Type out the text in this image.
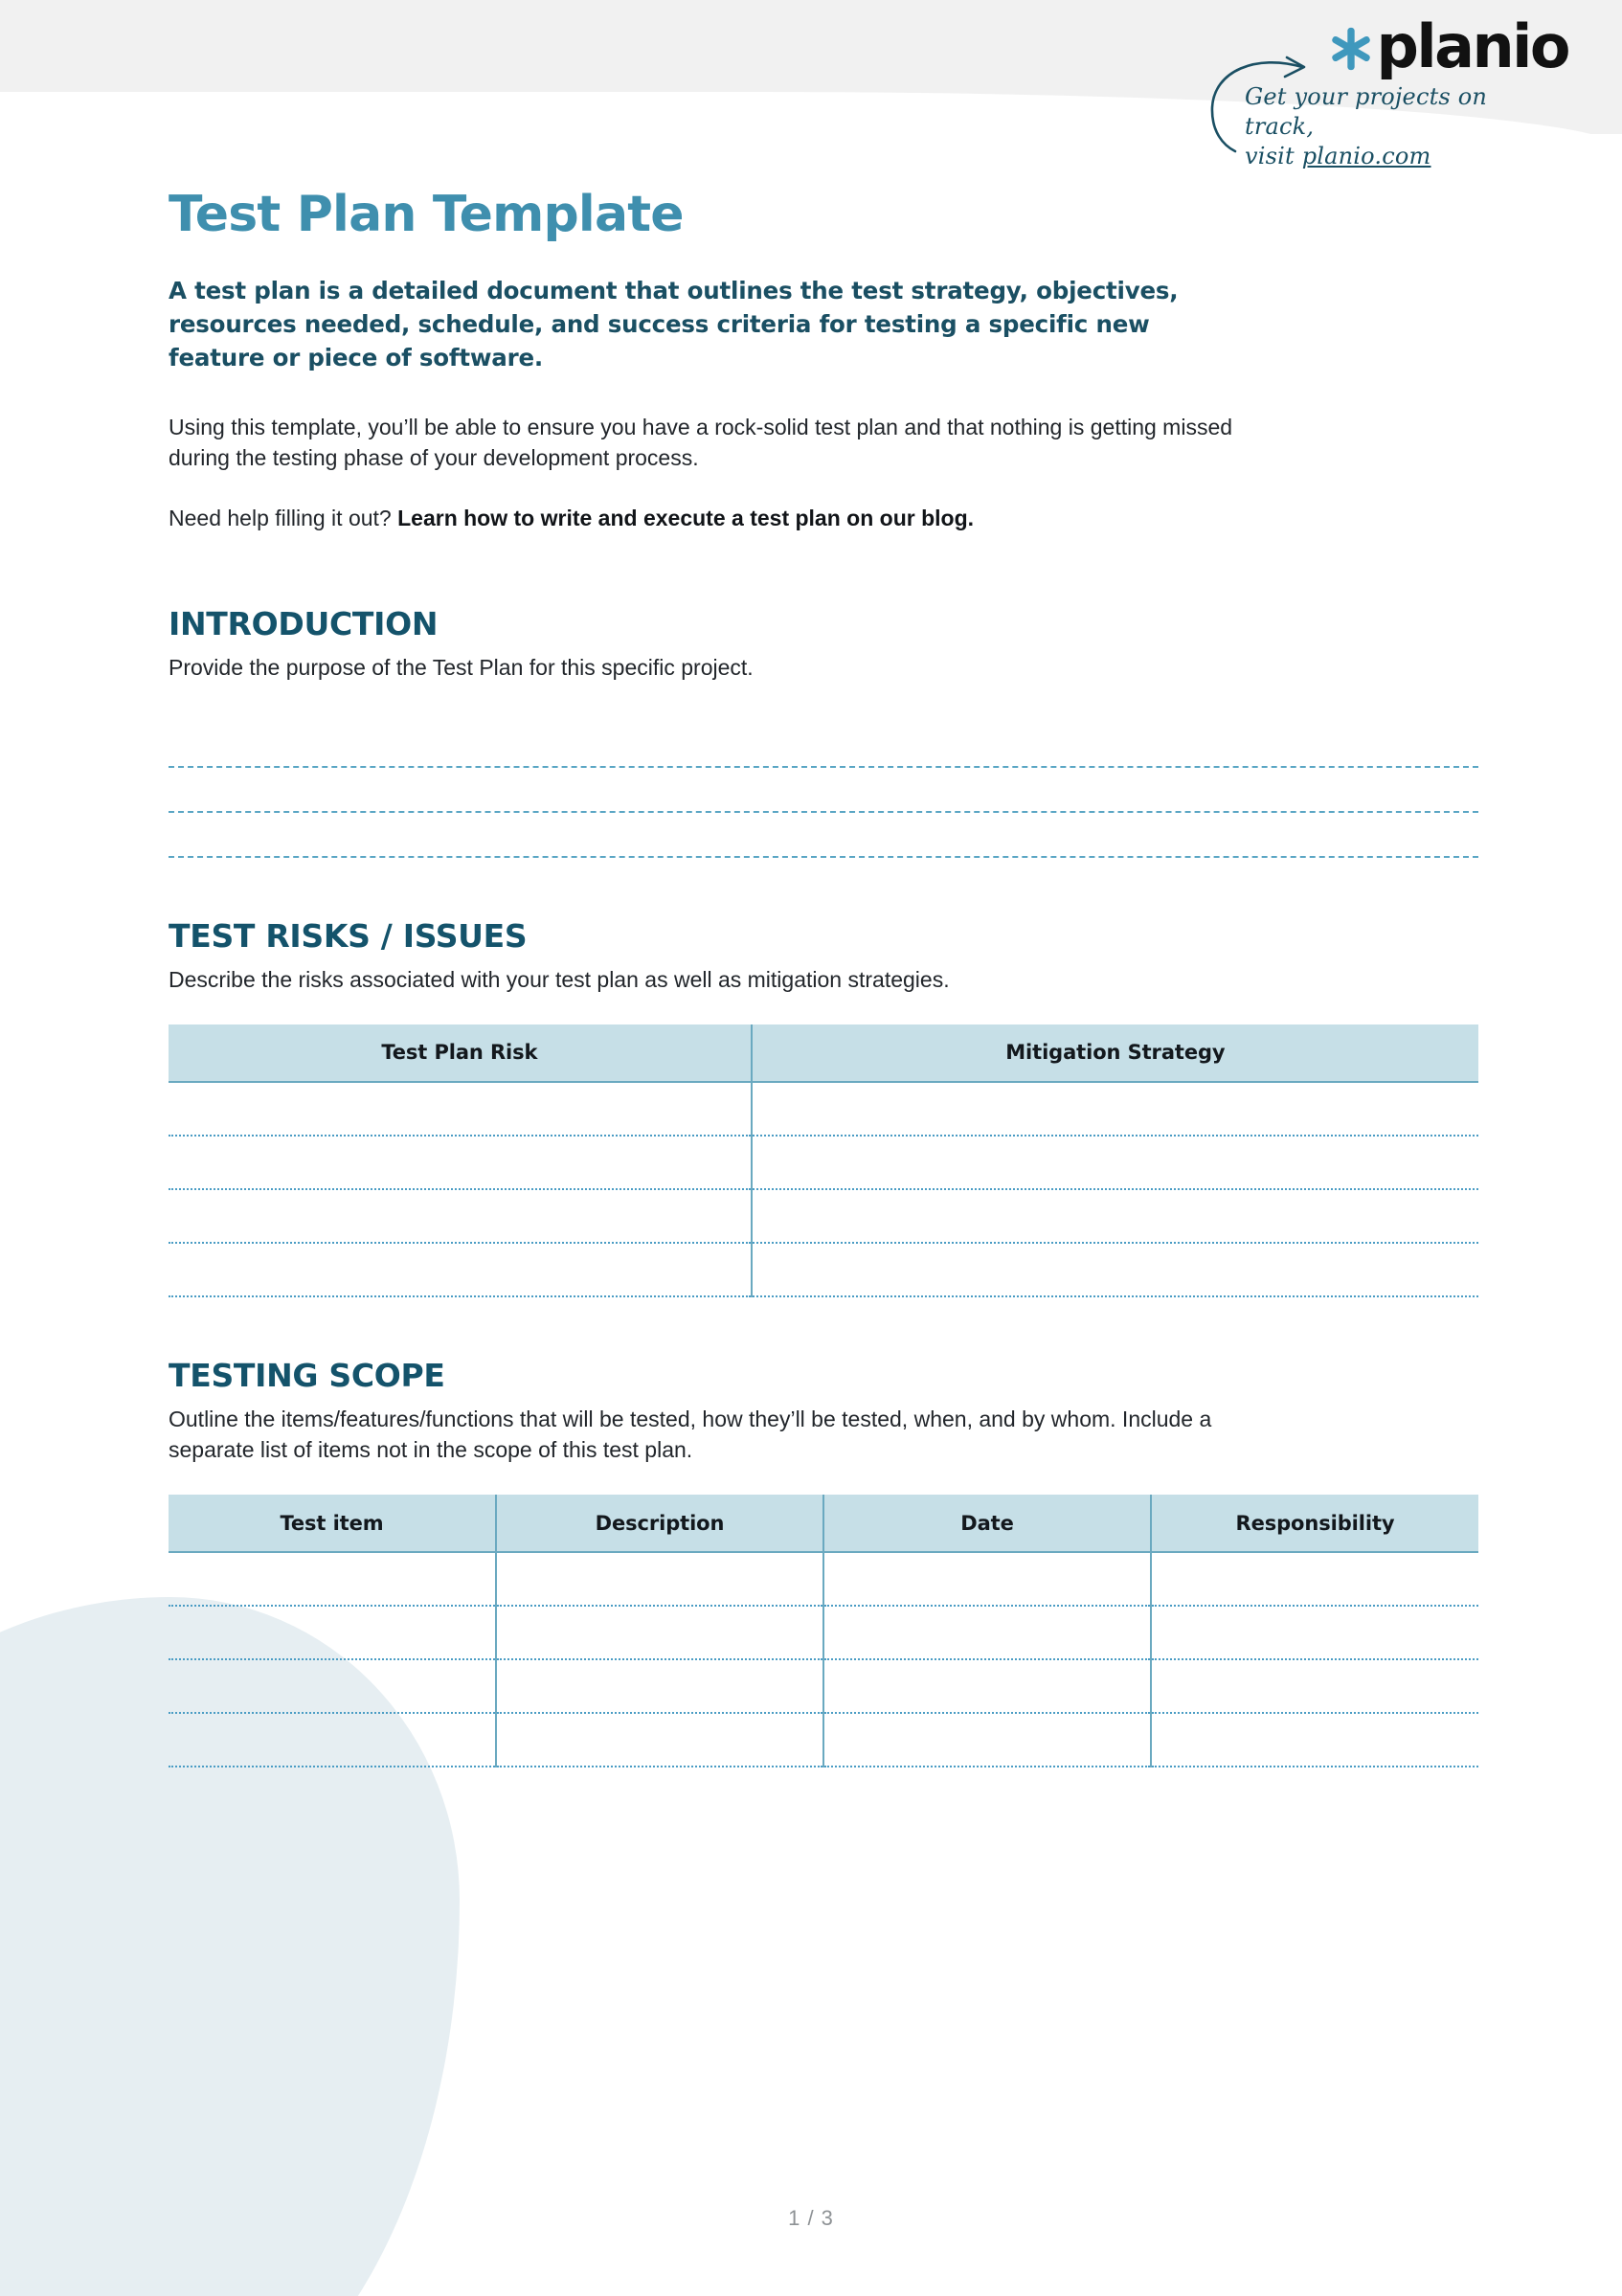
planio
Get your projects on track,
visit planio.com
Test Plan Template

A test plan is a detailed document that outlines the test strategy, objectives, resources needed, schedule, and success criteria for testing a specific new feature or piece of software.

Using this template, you’ll be able to ensure you have a rock-solid test plan and that nothing is getting missed during the testing phase of your development process.

Need help filling it out? Learn how to write and execute a test plan on our blog.

INTRODUCTION
Provide the purpose of the Test Plan for this specific project.
TEST RISKS / ISSUES
Describe the risks associated with your test plan as well as mitigation strategies.
Test Plan Risk	Mitigation Strategy

TESTING SCOPE
Outline the items/features/functions that will be tested, how they’ll be tested, when, and by whom. Include a separate list of items not in the scope of this test plan.
Test item	Description	Date	Responsibility

1 / 3
